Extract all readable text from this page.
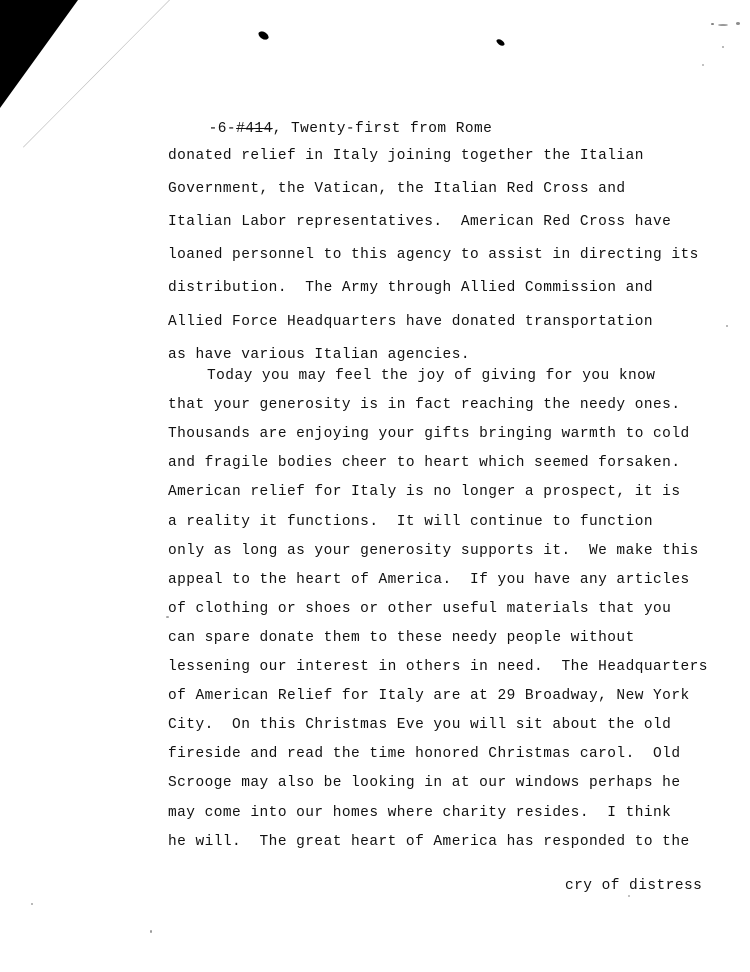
-6-#414, Twenty-first from Rome

donated relief in Italy joining together the Italian
Government, the Vatican, the Italian Red Cross and
Italian Labor representatives.  American Red Cross have
loaned personnel to this agency to assist in directing its
distribution.  The Army through Allied Commission and
Allied Force Headquarters have donated transportation
as have various Italian agencies.
Today you may feel the joy of giving for you know
that your generosity is in fact reaching the needy ones.
Thousands are enjoying your gifts bringing warmth to cold
and fragile bodies cheer to heart which seemed forsaken.
American relief for Italy is no longer a prospect, it is
a reality it functions.  It will continue to function
only as long as your generosity supports it.  We make this
appeal to the heart of America.  If you have any articles
of clothing or shoes or other useful materials that you
can spare donate them to these needy people without
lessening our interest in others in need.  The Headquarters
of American Relief for Italy are at 29 Broadway, New York
City.  On this Christmas Eve you will sit about the old
fireside and read the time honored Christmas carol.  Old
Scrooge may also be looking in at our windows perhaps he
may come into our homes where charity resides.  I think
he will.  The great heart of America has responded to the
cry of distress
